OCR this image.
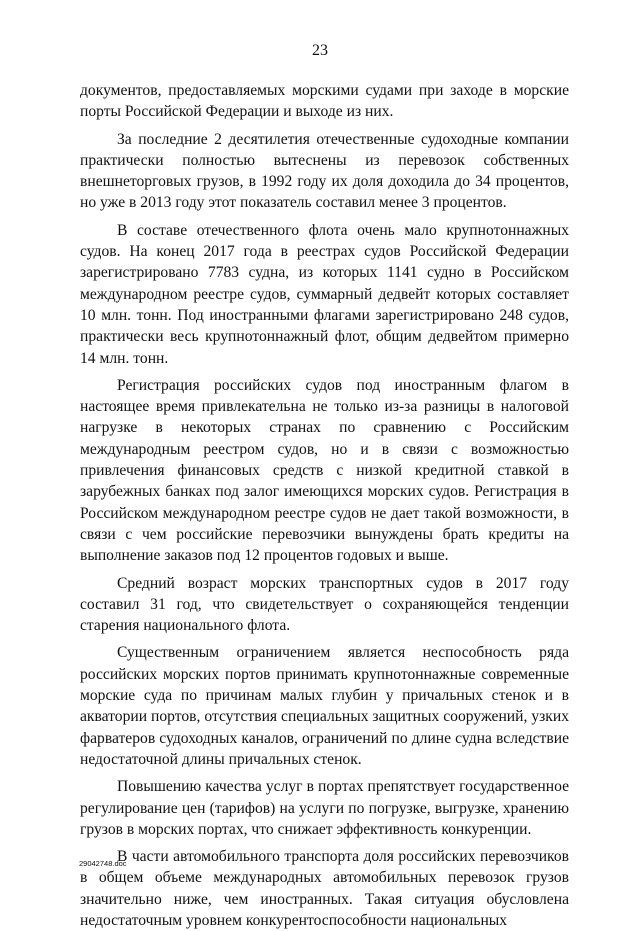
23

документов, предоставляемых морскими судами при заходе в морские порты Российской Федерации и выходе из них.

За последние 2 десятилетия отечественные судоходные компании практически полностью вытеснены из перевозок собственных внешнеторговых грузов, в 1992 году их доля доходила до 34 процентов, но уже в 2013 году этот показатель составил менее 3 процентов.

В составе отечественного флота очень мало крупнотоннажных судов. На конец 2017 года в реестрах судов Российской Федерации зарегистрировано 7783 судна, из которых 1141 судно в Российском международном реестре судов, суммарный дедвейт которых составляет 10 млн. тонн. Под иностранными флагами зарегистрировано 248 судов, практически весь крупнотоннажный флот, общим дедвейтом примерно 14 млн. тонн.

Регистрация российских судов под иностранным флагом в настоящее время привлекательна не только из-за разницы в налоговой нагрузке в некоторых странах по сравнению с Российским международным реестром судов, но и в связи с возможностью привлечения финансовых средств с низкой кредитной ставкой в зарубежных банках под залог имеющихся морских судов. Регистрация в Российском международном реестре судов не дает такой возможности, в связи с чем российские перевозчики вынуждены брать кредиты на выполнение заказов под 12 процентов годовых и выше.

Средний возраст морских транспортных судов в 2017 году составил 31 год, что свидетельствует о сохраняющейся тенденции старения национального флота.

Существенным ограничением является неспособность ряда российских морских портов принимать крупнотоннажные современные морские суда по причинам малых глубин у причальных стенок и в акватории портов, отсутствия специальных защитных сооружений, узких фарватеров судоходных каналов, ограничений по длине судна вследствие недостаточной длины причальных стенок.

Повышению качества услуг в портах препятствует государственное регулирование цен (тарифов) на услуги по погрузке, выгрузке, хранению грузов в морских портах, что снижает эффективность конкуренции.

В части автомобильного транспорта доля российских перевозчиков в общем объеме международных автомобильных перевозок грузов значительно ниже, чем иностранных. Такая ситуация обусловлена недостаточным уровнем конкурентоспособности национальных

29042748.doc
